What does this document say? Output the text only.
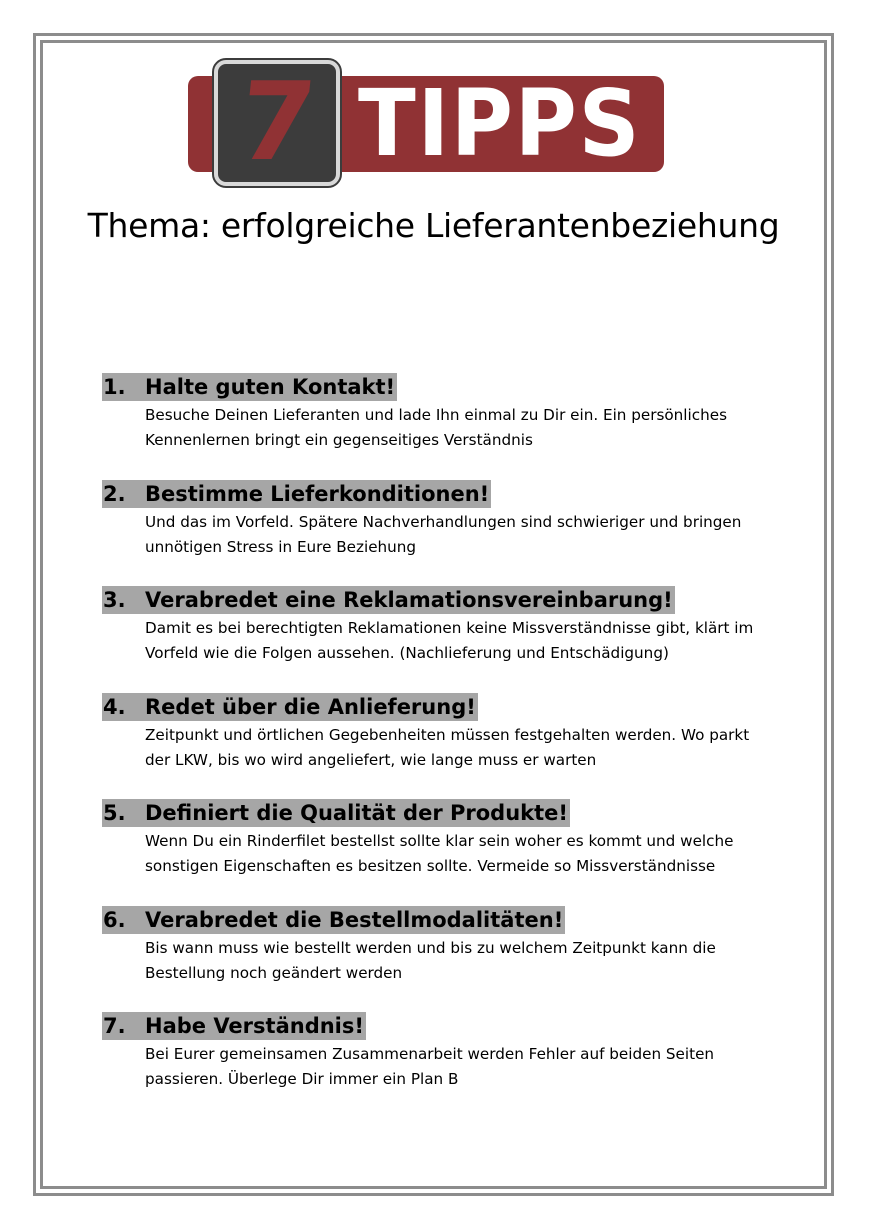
7 TIPPS
Thema: erfolgreiche Lieferantenbeziehung
1. Halte guten Kontakt!
Besuche Deinen Lieferanten und lade Ihn einmal zu Dir ein. Ein persönliches
Kennenlernen bringt ein gegenseitiges Verständnis
2. Bestimme Lieferkonditionen!
Und das im Vorfeld. Spätere Nachverhandlungen sind schwieriger und bringen
unnötigen Stress in Eure Beziehung
3. Verabredet eine Reklamationsvereinbarung!
Damit es bei berechtigten Reklamationen keine Missverständnisse gibt, klärt im
Vorfeld wie die Folgen aussehen. (Nachlieferung und Entschädigung)
4. Redet über die Anlieferung!
Zeitpunkt und örtlichen Gegebenheiten müssen festgehalten werden. Wo parkt
der LKW, bis wo wird angeliefert, wie lange muss er warten
5. Definiert die Qualität der Produkte!
Wenn Du ein Rinderfilet bestellst sollte klar sein woher es kommt und welche
sonstigen Eigenschaften es besitzen sollte. Vermeide so Missverständnisse
6. Verabredet die Bestellmodalitäten!
Bis wann muss wie bestellt werden und bis zu welchem Zeitpunkt kann die
Bestellung noch geändert werden
7. Habe Verständnis!
Bei Eurer gemeinsamen Zusammenarbeit werden Fehler auf beiden Seiten
passieren. Überlege Dir immer ein Plan B
